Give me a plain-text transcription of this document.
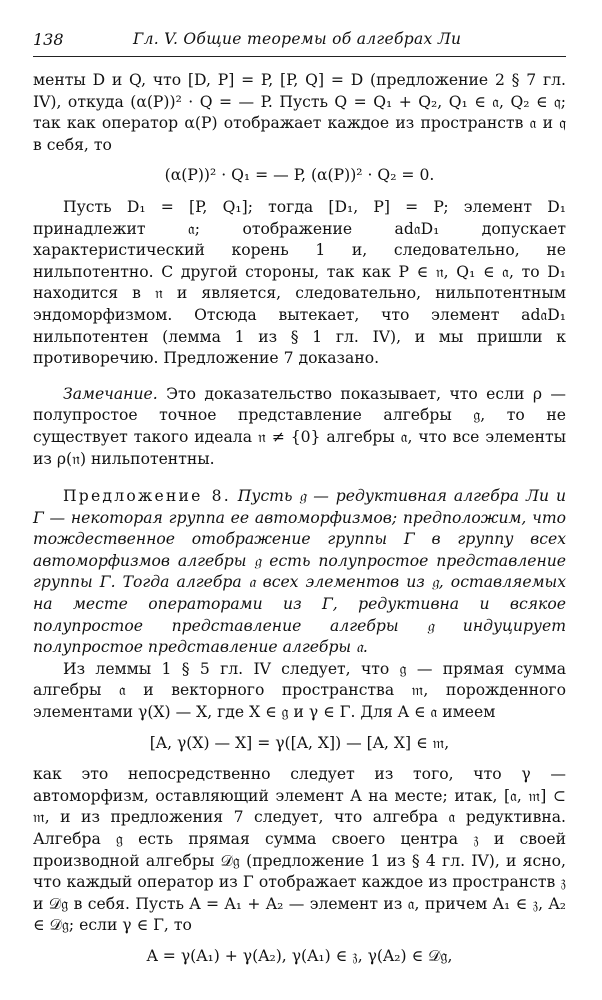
138	Гл. V. Общие теоремы об алгебрах Ли

менты D и Q, что [D, P] = P, [P, Q] = D (предложение 2 § 7 гл. IV), откуда (α(P))² · Q = — P. Пусть Q = Q₁ + Q₂, Q₁ ∈ 𝔞, Q₂ ∈ 𝔮; так как оператор α(P) отображает каждое из пространств 𝔞 и 𝔮 в себя, то

(α(P))² · Q₁ = — P, (α(P))² · Q₂ = 0.

Пусть D₁ = [P, Q₁]; тогда [D₁, P] = P; элемент D₁ принадлежит 𝔞; отображение ad𝔞D₁ допускает характеристический корень 1 и, следовательно, не нильпотентно. С другой стороны, так как P ∈ 𝔫, Q₁ ∈ 𝔞, то D₁ находится в 𝔫 и является, следовательно, нильпотентным эндоморфизмом. Отсюда вытекает, что элемент ad𝔞D₁ нильпотентен (лемма 1 из § 1 гл. IV), и мы пришли к противоречию. Предложение 7 доказано.

Замечание. Это доказательство показывает, что если ρ — полупростое точное представление алгебры 𝔤, то не существует такого идеала 𝔫 ≠ {0} алгебры 𝔞, что все элементы из ρ(𝔫) нильпотентны.

Предложение 8. Пусть 𝔤 — редуктивная алгебра Ли и Γ — некоторая группа ее автоморфизмов; предположим, что тождественное отображение группы Γ в группу всех автоморфизмов алгебры 𝔤 есть полупростое представление группы Γ. Тогда алгебра 𝔞 всех элементов из 𝔤, оставляемых на месте операторами из Γ, редуктивна и всякое полупростое представление алгебры 𝔤 индуцирует полупростое представление алгебры 𝔞.

Из леммы 1 § 5 гл. IV следует, что 𝔤 — прямая сумма алгебры 𝔞 и векторного пространства 𝔪, порожденного элементами γ(X) — X, где X ∈ 𝔤 и γ ∈ Γ. Для A ∈ 𝔞 имеем

[A, γ(X) — X] = γ([A, X]) — [A, X] ∈ 𝔪,

как это непосредственно следует из того, что γ — автоморфизм, оставляющий элемент A на месте; итак, [𝔞, 𝔪] ⊂ 𝔪, и из предложения 7 следует, что алгебра 𝔞 редуктивна. Алгебра 𝔤 есть прямая сумма своего центра 𝔷 и своей производной алгебры 𝒟𝔤 (предложение 1 из § 4 гл. IV), и ясно, что каждый оператор из Γ отображает каждое из пространств 𝔷 и 𝒟𝔤 в себя. Пусть A = A₁ + A₂ — элемент из 𝔞, причем A₁ ∈ 𝔷, A₂ ∈ 𝒟𝔤; если γ ∈ Γ, то

A = γ(A₁) + γ(A₂), γ(A₁) ∈ 𝔷, γ(A₂) ∈ 𝒟𝔤,
